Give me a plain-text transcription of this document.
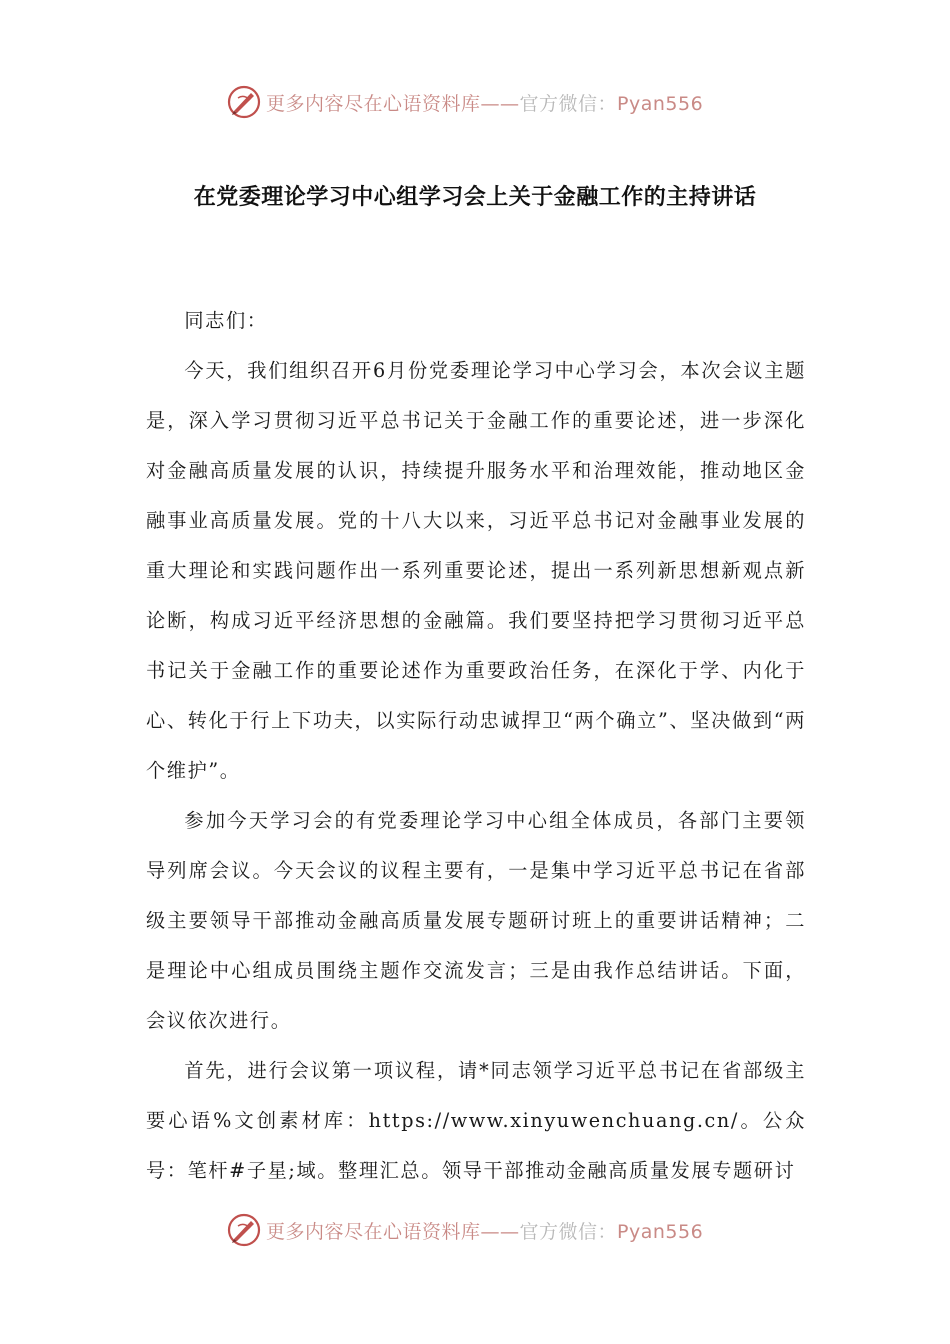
更多内容尽在心语资料库——官方微信：Pyan556
在党委理论学习中心组学习会上关于金融工作的主持讲话

同志们：

今天，我们组织召开6月份党委理论学习中心学习会，本次会议主题是，深入学习贯彻习近平总书记关于金融工作的重要论述，进一步深化对金融高质量发展的认识，持续提升服务水平和治理效能，推动地区金融事业高质量发展。党的十八大以来，习近平总书记对金融事业发展的重大理论和实践问题作出一系列重要论述，提出一系列新思想新观点新论断，构成习近平经济思想的金融篇。我们要坚持把学习贯彻习近平总书记关于金融工作的重要论述作为重要政治任务，在深化于学、内化于心、转化于行上下功夫，以实际行动忠诚捍卫“两个确立”、坚决做到“两个维护”。

参加今天学习会的有党委理论学习中心组全体成员，各部门主要领导列席会议。今天会议的议程主要有，一是集中学习近平总书记在省部级主要领导干部推动金融高质量发展专题研讨班上的重要讲话精神；二是理论中心组成员围绕主题作交流发言；三是由我作总结讲话。下面，会议依次进行。

首先，进行会议第一项议程，请*同志领学习近平总书记在省部级主要心语%文创素材库：https://www.xinyuwenchuang.cn/。公众号：笔杆#子星;域。整理汇总。领导干部推动金融高质量发展专题研讨

更多内容尽在心语资料库——官方微信：Pyan556
